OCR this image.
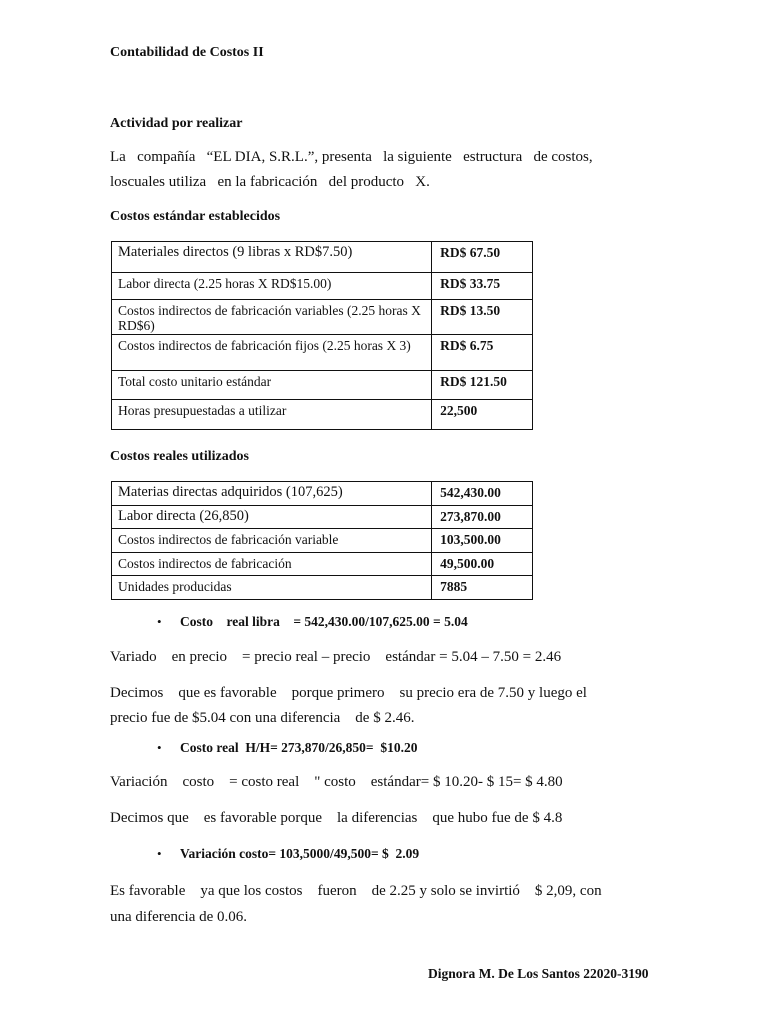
Contabilidad de Costos II
Actividad por realizar
La   compañía   “EL DIA, S.R.L.”, presenta   la siguiente   estructura   de costos,
loscuales utiliza   en la fabricación   del producto   X.
Costos estándar establecidos
Materiales directos (9 libras x RD$7.50)	RD$ 67.50
Labor directa (2.25 horas X RD$15.00)	RD$ 33.75
Costos indirectos de fabricación variables (2.25 horas X RD$6)	RD$ 13.50
Costos indirectos de fabricación fijos (2.25 horas X 3)	RD$ 6.75
Total costo unitario estándar	RD$ 121.50
Horas presupuestadas a utilizar	22,500
Costos reales utilizados
Materias directas adquiridos (107,625)	542,430.00
Labor directa (26,850)	273,870.00
Costos indirectos de fabricación variable	103,500.00
Costos indirectos de fabricación	49,500.00
Unidades producidas	7885
• Costo    real libra    = 542,430.00/107,625.00 = 5.04
Variado    en precio    = precio real – precio    estándar = 5.04 – 7.50 = 2.46
Decimos    que es favorable    porque primero    su precio era de 7.50 y luego el
precio fue de $5.04 con una diferencia    de $ 2.46.
• Costo real  H/H= 273,870/26,850=  $10.20
Variación    costo    = costo real    " costo    estándar= $ 10.20- $ 15= $ 4.80
Decimos que    es favorable porque    la diferencias    que hubo fue de $ 4.8
• Variación costo= 103,5000/49,500= $  2.09
Es favorable    ya que los costos    fueron    de 2.25 y solo se invirtió    $ 2,09, con
una diferencia de 0.06.
Dignora M. De Los Santos 22020-3190
